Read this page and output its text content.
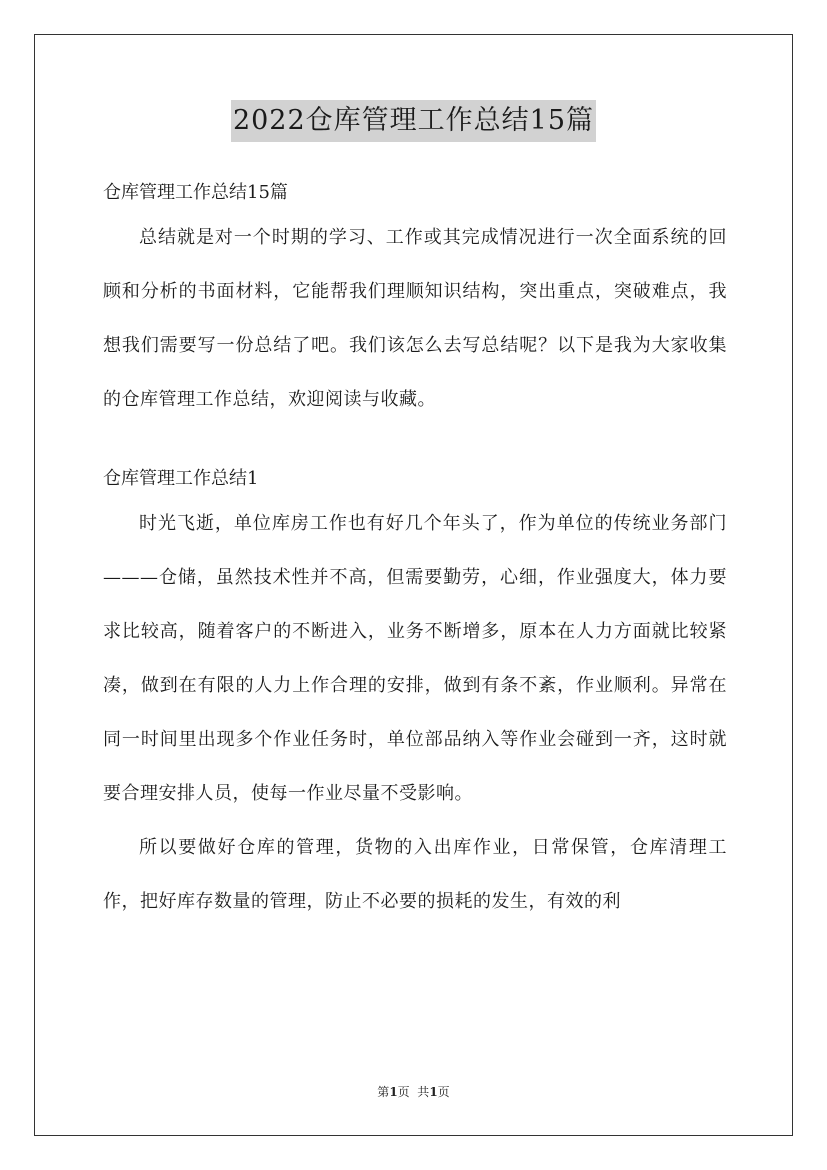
2022仓库管理工作总结15篇

仓库管理工作总结15篇

总结就是对一个时期的学习、工作或其完成情况进行一次全面系统的回顾和分析的书面材料，它能帮我们理顺知识结构，突出重点，突破难点，我想我们需要写一份总结了吧。我们该怎么去写总结呢？以下是我为大家收集的仓库管理工作总结，欢迎阅读与收藏。

仓库管理工作总结1

时光飞逝，单位库房工作也有好几个年头了，作为单位的传统业务部门———仓储，虽然技术性并不高，但需要勤劳，心细，作业强度大，体力要求比较高，随着客户的不断进入，业务不断增多，原本在人力方面就比较紧凑，做到在有限的人力上作合理的安排，做到有条不紊，作业顺利。异常在同一时间里出现多个作业任务时，单位部品纳入等作业会碰到一齐，这时就要合理安排人员，使每一作业尽量不受影响。

所以要做好仓库的管理，货物的入出库作业，日常保管，仓库清理工作，把好库存数量的管理，防止不必要的损耗的发生，有效的利

第1页  共1页
